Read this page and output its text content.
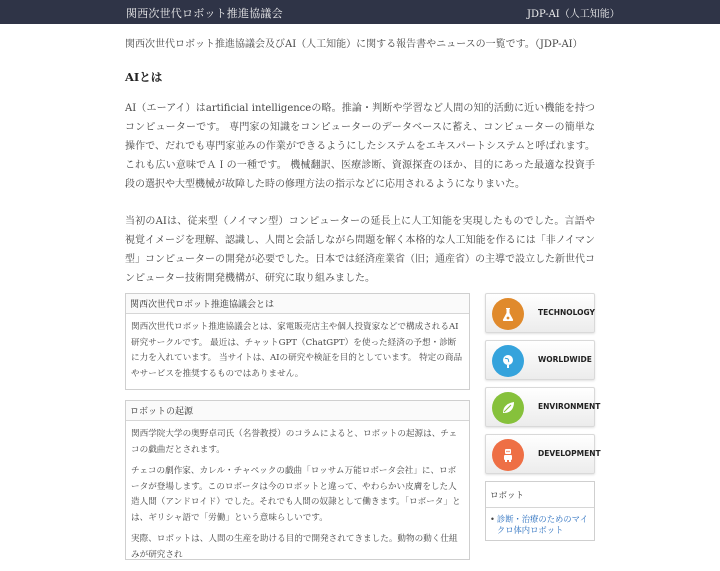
関西次世代ロボット推進協議会	JDP-AI（人工知能）

関西次世代ロボット推進協議会及びAI（人工知能）に関する報告書やニュースの一覧です。（JDP-AI）

AIとは

AI（エーアイ）はartificial intelligenceの略。推論・判断や学習など人間の知的活動に近い機能を持つコンピューターです。 専門家の知識をコンピューターのデータベースに蓄え、コンピューターの簡単な操作で、だれでも専門家並みの作業ができるようにしたシステムをエキスパートシステムと呼ばれます。これも広い意味でＡＩの一種です。 機械翻訳、医療診断、資源探査のほか、目的にあった最適な投資手段の選択や大型機械が故障した時の修理方法の指示などに応用されるようになりまいた。

当初のAIは、従来型（ノイマン型）コンピューターの延長上に人工知能を実現したものでした。言語や視覚イメージを理解、認識し、人間と会話しながら問題を解く本格的な人工知能を作るには「非ノイマン型」コンピューターの開発が必要でした。日本では経済産業省（旧；通産省）の主導で設立した新世代コンピューター技術開発機構が、研究に取り組みました。

関西次世代ロボット推進協議会とは

関西次世代ロボット推進協議会とは、家電販売店主や個人投資家などで構成されるAI研究サークルです。 最近は、チャットGPT（ChatGPT）を使った経済の予想・診断に力を入れています。 当サイトは、AIの研究や検証を目的としています。 特定の商品やサービスを推奨するものではありません。

ロボットの起源

関西学院大学の奥野卓司氏（名誉教授）のコラムによると、ロボットの起源は、チェコの戯曲だとされます。

チェコの劇作家、カレル・チャペックの戯曲「ロッサム万能ロボータ会社」に、ロボータが登場します。このロボータは今のロボットと違って、やわらかい皮膚をした人造人間（アンドロイド）でした。それでも人間の奴隷として働きます。「ロボータ」とは、ギリシャ語で「労働」という意味らしいです。

実際、ロボットは、人間の生産を助ける目的で開発されてきました。動物の動く仕組みが研究され

TECHNOLOGY
WORLDWIDE
ENVIRONMENT
DEVELOPMENT
ロボット
• 診断・治療のためのマイクロ体内ロボット
